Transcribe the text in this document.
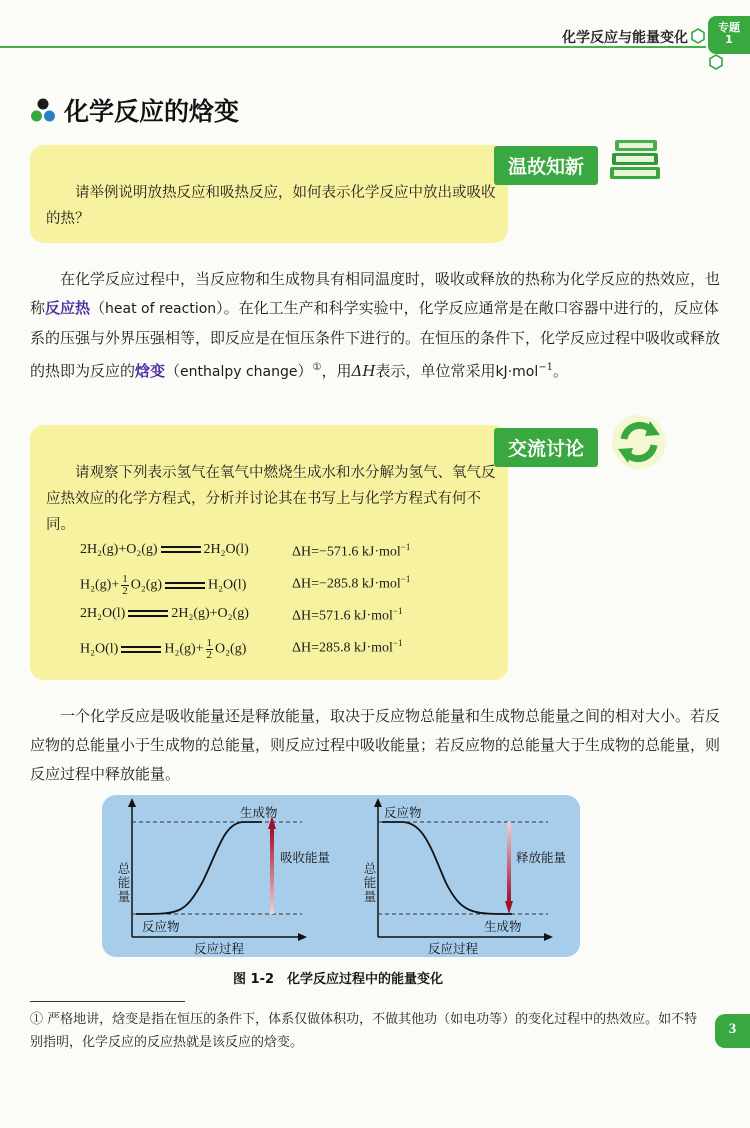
化学反应与能量变化
专题
1
化学反应的焓变
温故知新
请举例说明放热反应和吸热反应，如何表示化学反应中放出或吸收的热？
在化学反应过程中，当反应物和生成物具有相同温度时，吸收或释放的热称为化学反应的热效应，也称反应热（heat of reaction）。在化工生产和科学实验中，化学反应通常是在敞口容器中进行的，反应体系的压强与外界压强相等，即反应是在恒压条件下进行的。在恒压的条件下，化学反应过程中吸收或释放的热即为反应的焓变（enthalpy change）①，用ΔH表示，单位常采用kJ·mol$^{-1}$。
交流讨论
请观察下列表示氢气在氧气中燃烧生成水和水分解为氢气、氧气反应热效应的化学方程式，分析并讨论其在书写上与化学方程式有何不同。
2H₂(g)+O₂(g)	2H₂O(l)	ΔH=−571.6 kJ·mol$^{-1}$
$H_2(g)+ \frac{1}{2} O_2(g)$	H₂O(l)	ΔH=−285.8 kJ·mol$^{-1}$
2H₂O(l)	2H₂(g)+O₂(g)	ΔH=571.6 kJ·mol$^{-1}$
H₂O(l)	$H_2(g)+ \frac{1}{2} O_2(g)$	ΔH=285.8 kJ·mol$^{-1}$
一个化学反应是吸收能量还是释放能量，取决于反应物总能量和生成物总能量之间的相对大小。若反应物的总能量小于生成物的总能量，则反应过程中吸收能量；若反应物的总能量大于生成物的总能量，则反应过程中释放能量。
生成物
反应物
吸收能量
反应过程
反应物
生成物
释放能量
反应过程
总能量
总能量
图 1-2　化学反应过程中的能量变化
① 严格地讲，焓变是指在恒压的条件下，体系仅做体积功，不做其他功（如电功等）的变化过程中的热效应。如不特别指明，化学反应的反应热就是该反应的焓变。
3
